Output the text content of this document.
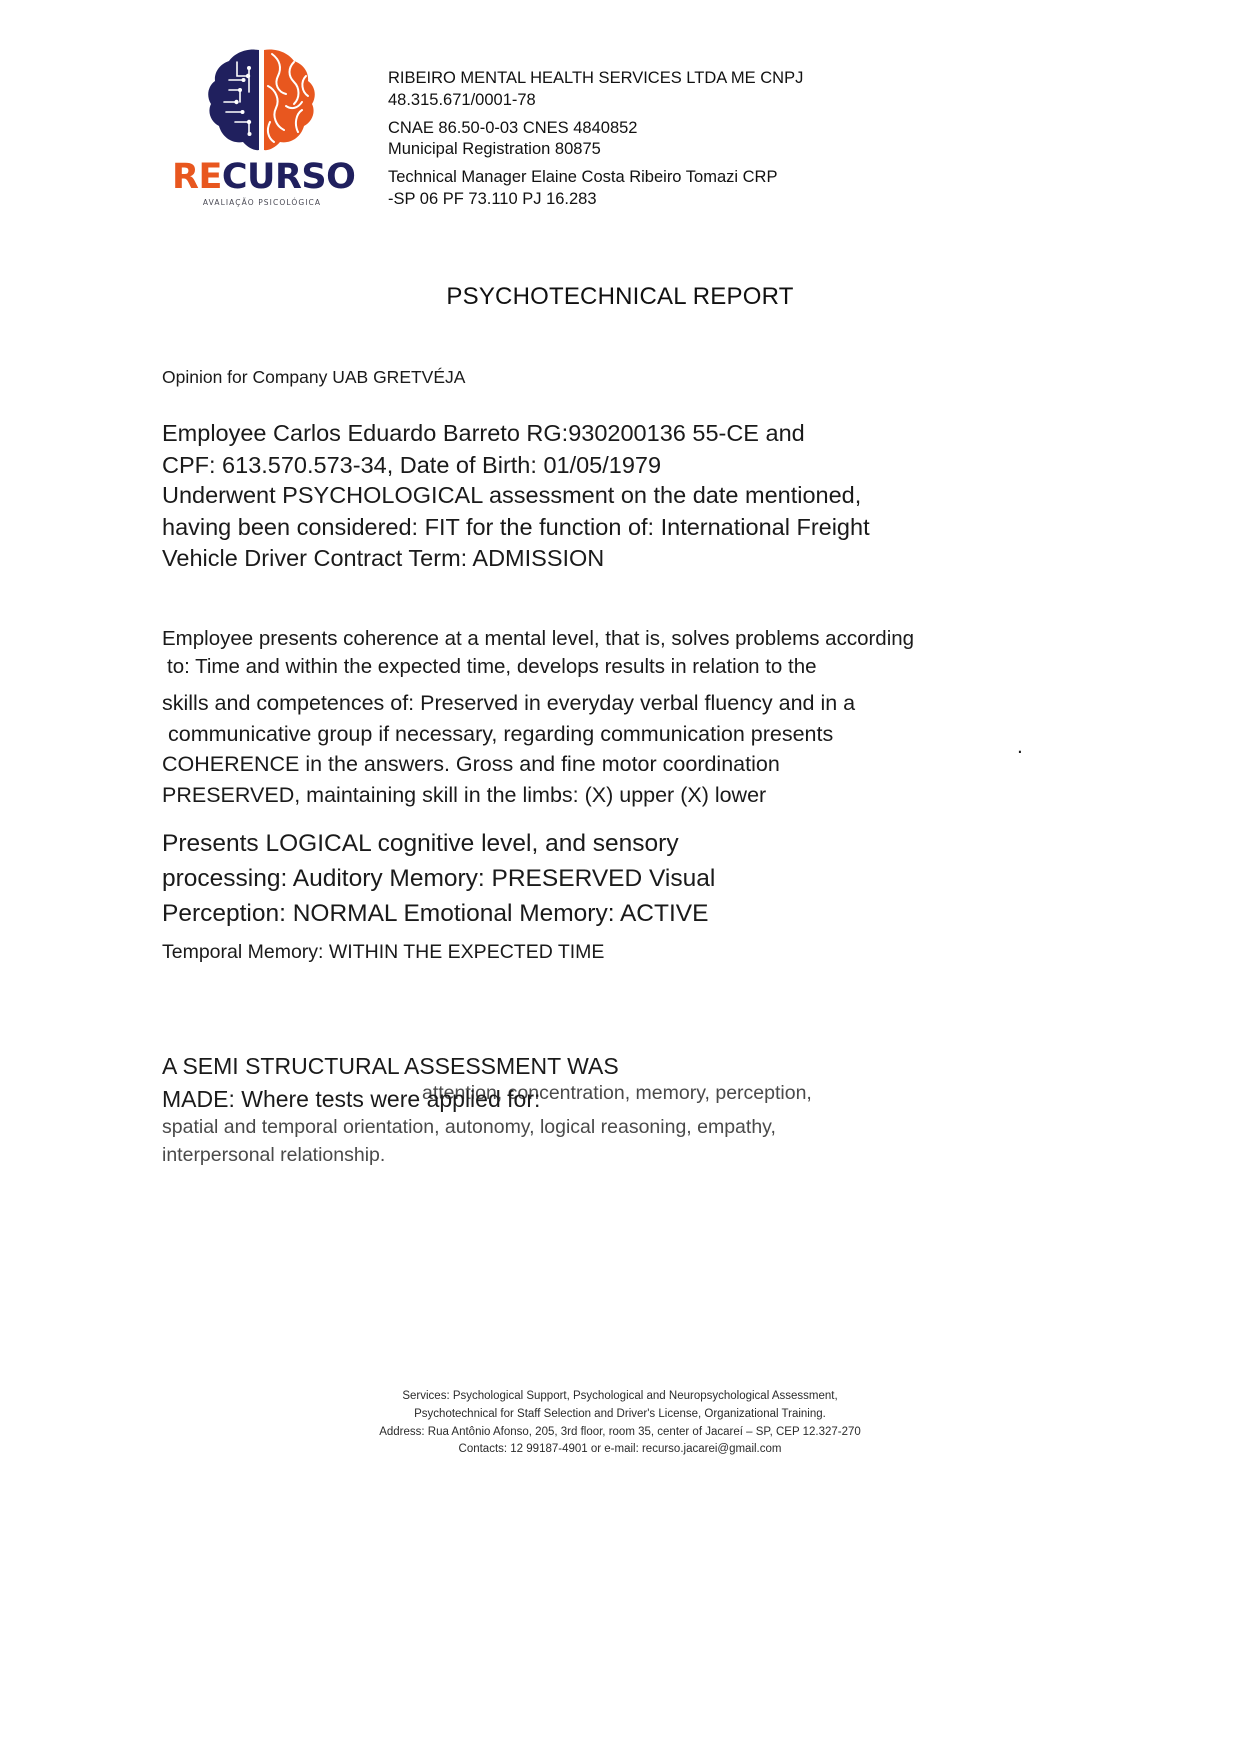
RECURSO
AVALIAÇÃO PSICOLÓGICA

RIBEIRO MENTAL HEALTH SERVICES LTDA ME CNPJ

48.315.671/0001-78

CNAE 86.50-0-03 CNES 4840852

Municipal Registration 80875

Technical Manager Elaine Costa Ribeiro Tomazi CRP

-SP 06 PF 73.110 PJ 16.283

PSYCHOTECHNICAL REPORT
Opinion for Company UAB GRETVÉJA
Employee Carlos Eduardo Barreto RG:930200136 55-CE and
CPF: 613.570.573-34, Date of Birth: 01/05/1979
Underwent PSYCHOLOGICAL assessment on the date mentioned,
having been considered: FIT for the function of: International Freight
Vehicle Driver Contract Term: ADMISSION
Employee presents coherence at a mental level, that is, solves problems according
to: Time and within the expected time, develops results in relation to the
skills and competences of: Preserved in everyday verbal fluency and in a
communicative group if necessary, regarding communication presents
COHERENCE in the answers. Gross and fine motor coordination
PRESERVED, maintaining skill in the limbs: (X) upper (X) lower
.
Presents LOGICAL cognitive level, and sensory
processing: Auditory Memory: PRESERVED Visual
Perception: NORMAL Emotional Memory: ACTIVE
Temporal Memory: WITHIN THE EXPECTED TIME
A SEMI STRUCTURAL ASSESSMENT WAS
MADE: Where tests were applied for:
attention, concentration, memory, perception,
spatial and temporal orientation, autonomy, logical reasoning, empathy,
interpersonal relationship.
Services: Psychological Support, Psychological and Neuropsychological Assessment,
Psychotechnical for Staff Selection and Driver's License, Organizational Training.
Address: Rua Antônio Afonso, 205, 3rd floor, room 35, center of Jacareí – SP, CEP 12.327-270
Contacts: 12 99187-4901 or e-mail: recurso.jacarei@gmail.com
